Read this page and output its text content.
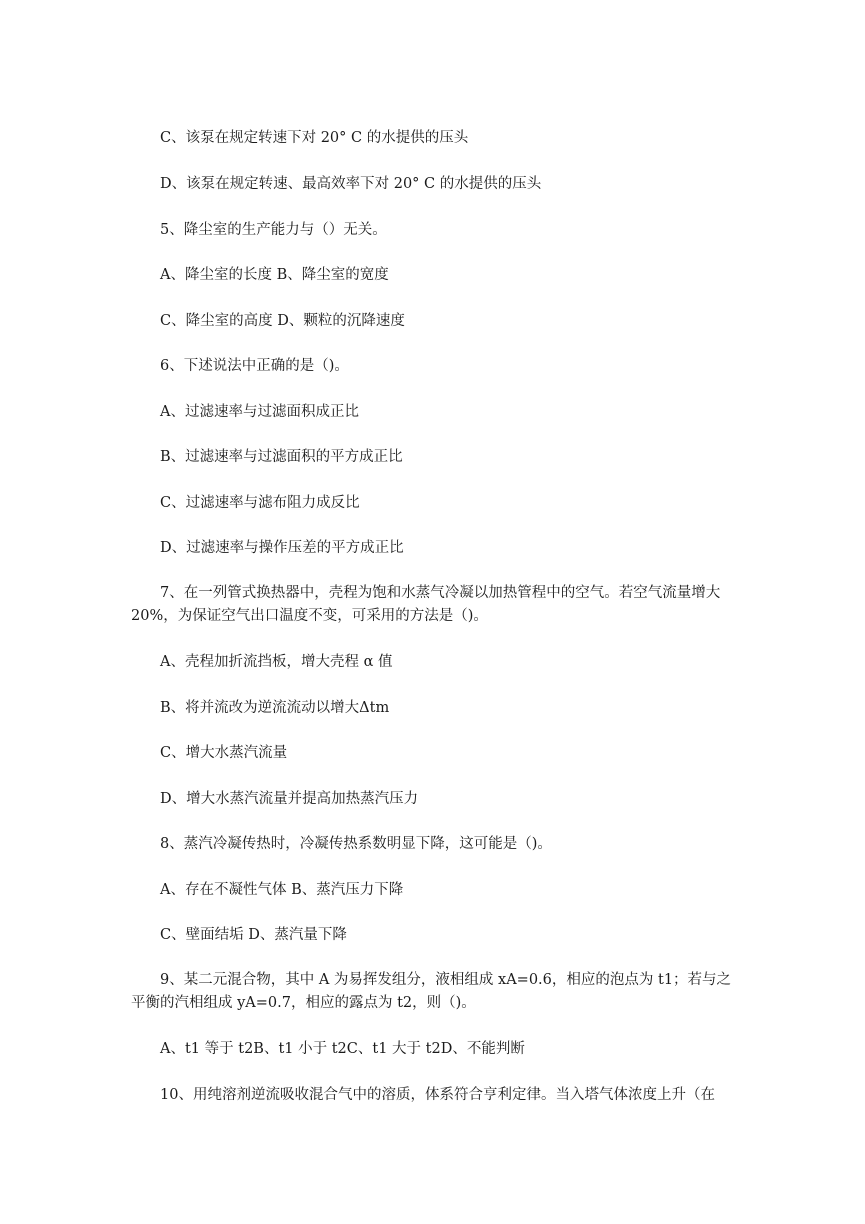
C、该泵在规定转速下对 20° C 的水提供的压头
D、该泵在规定转速、最高效率下对 20° C 的水提供的压头
5、降尘室的生产能力与（）无关。
A、降尘室的长度 B、降尘室的宽度
C、降尘室的高度 D、颗粒的沉降速度
6、下述说法中正确的是（)。
A、过滤速率与过滤面积成正比
B、过滤速率与过滤面积的平方成正比
C、过滤速率与滤布阻力成反比
D、过滤速率与操作压差的平方成正比
7、在一列管式换热器中，壳程为饱和水蒸气冷凝以加热管程中的空气。若空气流量增大 20%，为保证空气出口温度不变，可采用的方法是（)。
A、壳程加折流挡板，增大壳程 α 值
B、将并流改为逆流流动以增大Δtm
C、增大水蒸汽流量
D、增大水蒸汽流量并提高加热蒸汽压力
8、蒸汽冷凝传热时，冷凝传热系数明显下降，这可能是（)。
A、存在不凝性气体 B、蒸汽压力下降
C、壁面结垢 D、蒸汽量下降
9、某二元混合物，其中 A 为易挥发组分，液相组成 xA=0.6，相应的泡点为 t1；若与之平衡的汽相组成 yA=0.7，相应的露点为 t2，则（)。
A、t1 等于 t2B、t1 小于 t2C、t1 大于 t2D、不能判断
10、用纯溶剂逆流吸收混合气中的溶质，体系符合亨利定律。当入塔气体浓度上升（在
